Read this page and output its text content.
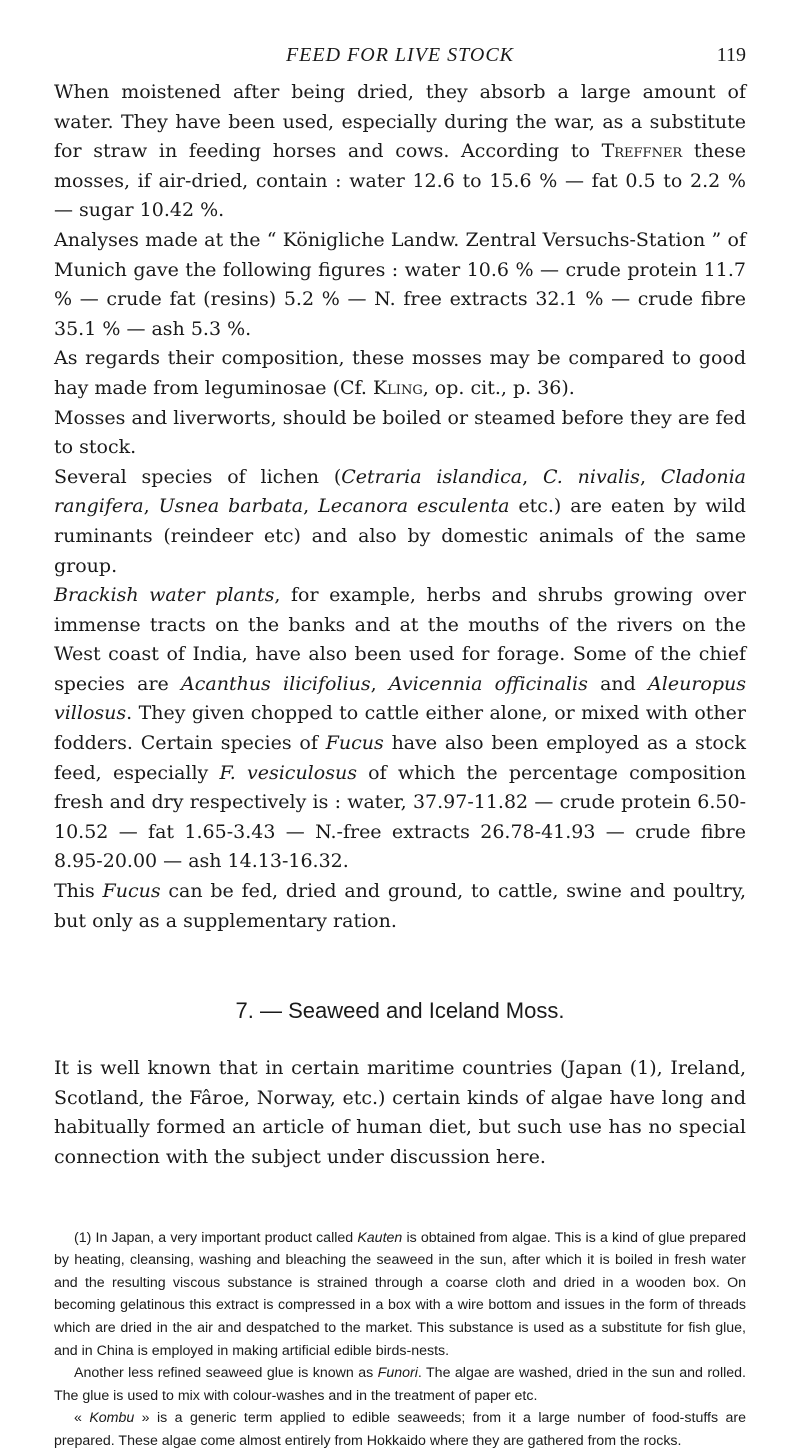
FEED FOR LIVE STOCK	119

When moistened after being dried, they absorb a large amount of water. They have been used, especially during the war, as a substitute for straw in feeding horses and cows. According to Treffner these mosses, if air-dried, contain : water 12.6 to 15.6 % — fat 0.5 to 2.2 % — sugar 10.42 %.

Analyses made at the “ Königliche Landw. Zentral Versuchs-Station ” of Munich gave the following figures : water 10.6 % — crude protein 11.7 % — crude fat (resins) 5.2 % — N. free extracts 32.1 % — crude fibre 35.1 % — ash 5.3 %.

As regards their composition, these mosses may be compared to good hay made from leguminosae (Cf. Kling, op. cit., p. 36).

Mosses and liverworts, should be boiled or steamed before they are fed to stock.

Several species of lichen (Cetraria islandica, C. nivalis, Cladonia rangifera, Usnea barbata, Lecanora esculenta etc.) are eaten by wild ruminants (reindeer etc) and also by domestic animals of the same group.

Brackish water plants, for example, herbs and shrubs growing over immense tracts on the banks and at the mouths of the rivers on the West coast of India, have also been used for forage. Some of the chief species are Acanthus ilicifolius, Avicennia officinalis and Aleuropus villosus. They given chopped to cattle either alone, or mixed with other fodders. Certain species of Fucus have also been employed as a stock feed, especially F. vesiculosus of which the percentage composition fresh and dry respectively is : water, 37.97-11.82 — crude protein 6.50-10.52 — fat 1.65-3.43 — N.-free extracts 26.78-41.93 — crude fibre 8.95-20.00 — ash 14.13-16.32.

This Fucus can be fed, dried and ground, to cattle, swine and poultry, but only as a supplementary ration.

7. — Seaweed and Iceland Moss.

It is well known that in certain maritime countries (Japan (1), Ireland, Scotland, the Fâroe, Norway, etc.) certain kinds of algae have long and habitually formed an article of human diet, but such use has no special connection with the subject under discussion here.

(1) In Japan, a very important product called Kauten is obtained from algae. This is a kind of glue prepared by heating, cleansing, washing and bleaching the seaweed in the sun, after which it is boiled in fresh water and the resulting viscous substance is strained through a coarse cloth and dried in a wooden box. On becoming gelatinous this extract is compressed in a box with a wire bottom and issues in the form of threads which are dried in the air and despatched to the market. This substance is used as a substitute for fish glue, and in China is employed in making artificial edible birds-nests.

Another less refined seaweed glue is known as Funori. The algae are washed, dried in the sun and rolled. The glue is used to mix with colour-washes and in the treatment of paper etc.

« Kombu » is a generic term applied to edible seaweeds; from it a large number of food-stuffs are prepared. These algae come almost entirely from Hokkaido where they are gathered from the rocks.
